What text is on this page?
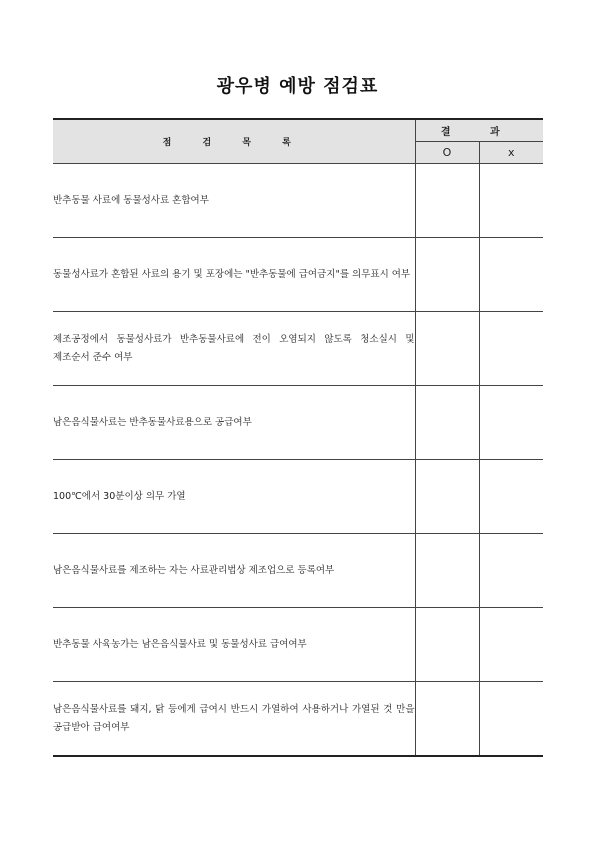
광우병 예방 점검표
점 검 목 록	결 과	
	O	x
반추동물 사료에 동물성사료 혼합여부		
동물성사료가 혼합된 사료의 용기 및 포장에는 "반추동물에 급여금지"를 의무표시 여부		
제조공정에서 동물성사료가 반추동물사료에 전이 오염되지 않도록 청소실시 및 제조순서 준수 여부		
남은음식물사료는 반추동물사료용으로 공급여부		
100℃에서 30분이상 의무 가열		
남은음식물사료를 제조하는 자는 사료관리법상 제조업으로 등록여부		
반추동물 사육농가는 남은음식물사료 및 동물성사료 급여여부		
남은음식물사료를 돼지, 닭 등에게 급여시 반드시 가열하여 사용하거나 가열된 것 만을 공급받아 급여여부		
